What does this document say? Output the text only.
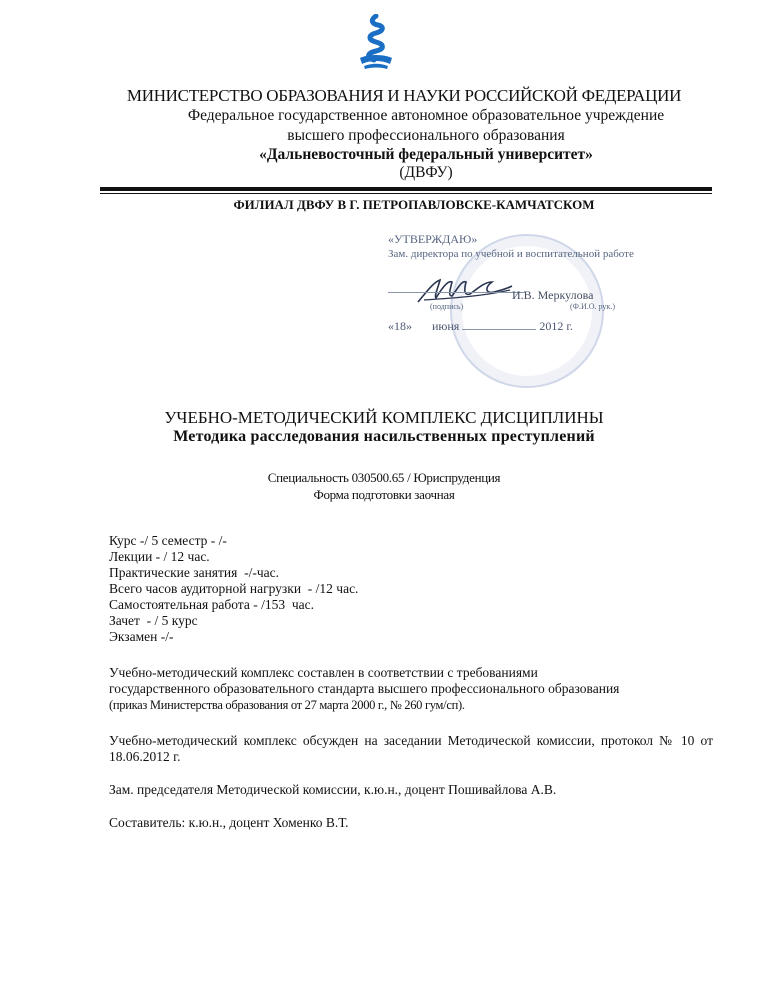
МИНИСТЕРСТВО ОБРАЗОВАНИЯ И НАУКИ РОССИЙСКОЙ ФЕДЕРАЦИИ
Федеральное государственное автономное образовательное учреждение
высшего профессионального образования
«Дальневосточный федеральный университет»
(ДВФУ)
ФИЛИАЛ ДВФУ В Г. ПЕТРОПАВЛОВСКЕ-КАМЧАТСКОМ
«УТВЕРЖДАЮ»
Зам. директора по учебной и воспитательной работе
И.В. Меркулова
(подпись)	(Ф.И.О. рук.)
«18» июня	2012 г.
УЧЕБНО-МЕТОДИЧЕСКИЙ КОМПЛЕКС ДИСЦИПЛИНЫ
Методика расследования насильственных преступлений
Специальность 030500.65 / Юриспруденция
Форма подготовки заочная
Курс -/ 5 семестр - /-
Лекции - / 12 час.
Практические занятия  -/-час.
Всего часов аудиторной нагрузки  - /12 час.
Самостоятельная работа - /153  час.
Зачет  - / 5 курс
Экзамен -/-
Учебно-методический комплекс составлен в соответствии с требованиями
государственного образовательного стандарта высшего профессионального образования
(приказ Министерства образования от 27 марта 2000 г., № 260 гум/сп).
Учебно-методический комплекс обсужден на заседании Методической комиссии, протокол № 10 от 18.06.2012 г.
Зам. председателя Методической комиссии, к.ю.н., доцент Пошивайлова А.В.
Составитель: к.ю.н., доцент Хоменко В.Т.
